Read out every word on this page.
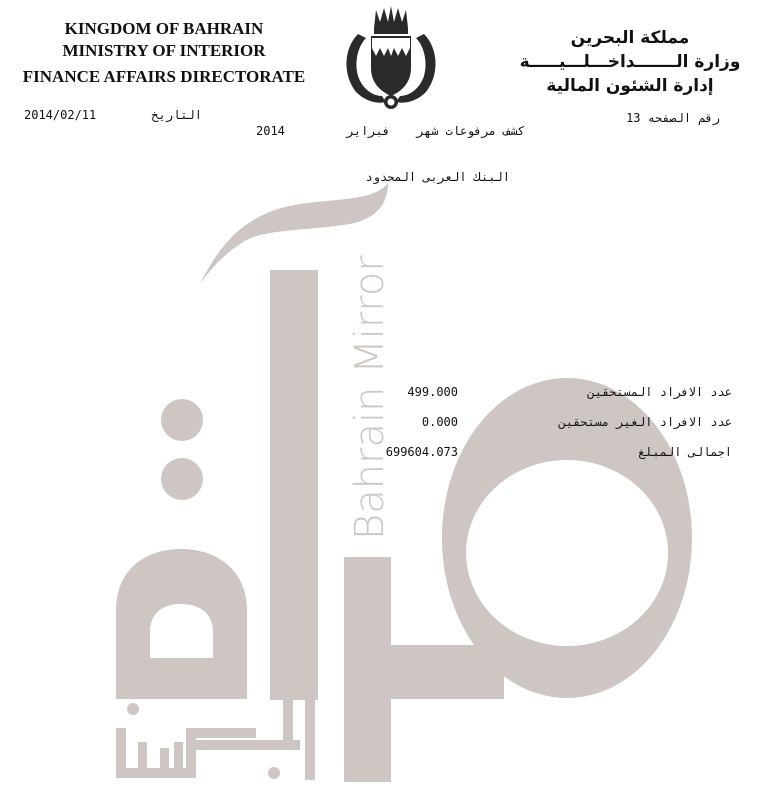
Bahrain Mirror
KINGDOM OF BAHRAIN
MINISTRY OF INTERIOR
FINANCE AFFAIRS DIRECTORATE
مملكة البحرين
وزارة الـــــــداخـــلـــيـــــة
إدارة الشئون المالية
2014/02/11	التاريخ	رقم الصفحه 13
2014	فبراير	كشف مرفوعات شهر
البنك العربى المحدود
499.000	عدد الافراد المستحقين
0.000	عدد الافراد الغير مستحقين
699604.073	اجمالى المبلغ
